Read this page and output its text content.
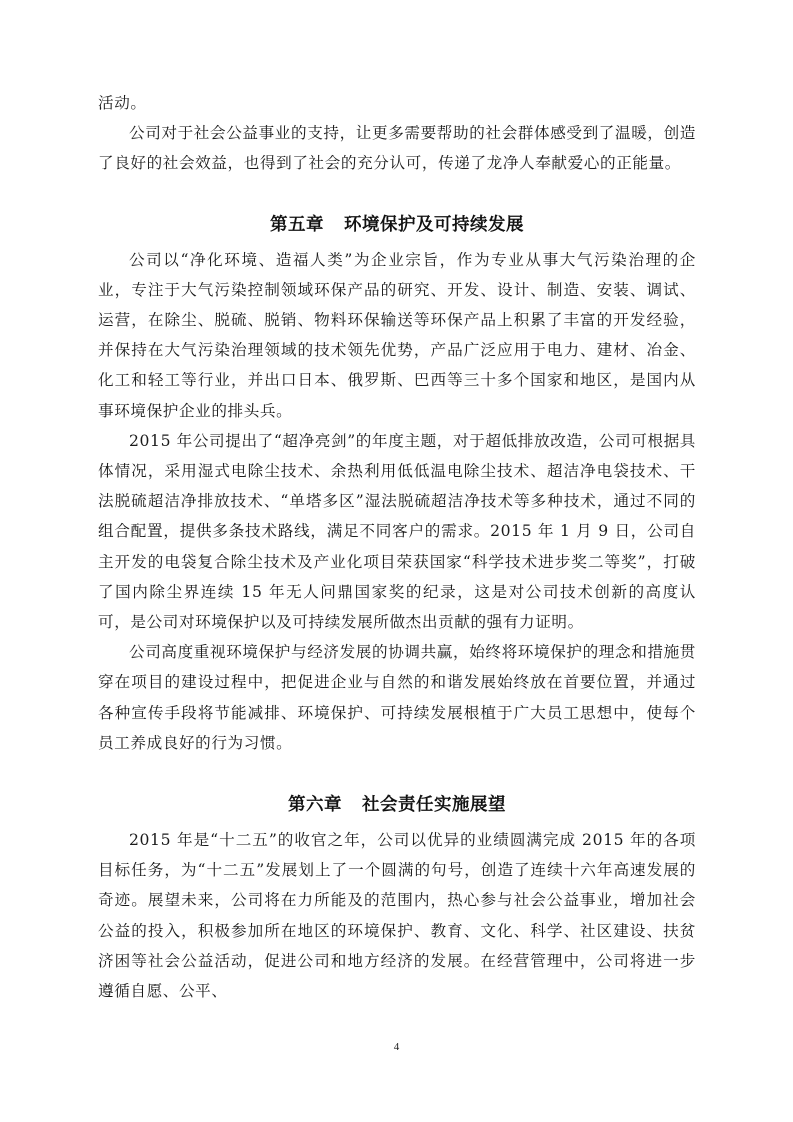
活动。

公司对于社会公益事业的支持，让更多需要帮助的社会群体感受到了温暖，创造了良好的社会效益，也得到了社会的充分认可，传递了龙净人奉献爱心的正能量。

第五章 环境保护及可持续发展

公司以“净化环境、造福人类”为企业宗旨，作为专业从事大气污染治理的企业，专注于大气污染控制领域环保产品的研究、开发、设计、制造、安装、调试、运营，在除尘、脱硫、脱销、物料环保输送等环保产品上积累了丰富的开发经验，并保持在大气污染治理领域的技术领先优势，产品广泛应用于电力、建材、冶金、化工和轻工等行业，并出口日本、俄罗斯、巴西等三十多个国家和地区，是国内从事环境保护企业的排头兵。

2015 年公司提出了“超净亮剑”的年度主题，对于超低排放改造，公司可根据具体情况，采用湿式电除尘技术、余热利用低低温电除尘技术、超洁净电袋技术、干法脱硫超洁净排放技术、“单塔多区”湿法脱硫超洁净技术等多种技术，通过不同的组合配置，提供多条技术路线，满足不同客户的需求。2015 年 1 月 9 日，公司自主开发的电袋复合除尘技术及产业化项目荣获国家“科学技术进步奖二等奖”，打破了国内除尘界连续 15 年无人问鼎国家奖的纪录，这是对公司技术创新的高度认可，是公司对环境保护以及可持续发展所做杰出贡献的强有力证明。

公司高度重视环境保护与经济发展的协调共赢，始终将环境保护的理念和措施贯穿在项目的建设过程中，把促进企业与自然的和谐发展始终放在首要位置，并通过各种宣传手段将节能减排、环境保护、可持续发展根植于广大员工思想中，使每个员工养成良好的行为习惯。

第六章 社会责任实施展望

2015 年是“十二五”的收官之年，公司以优异的业绩圆满完成 2015 年的各项目标任务，为“十二五”发展划上了一个圆满的句号，创造了连续十六年高速发展的奇迹。展望未来，公司将在力所能及的范围内，热心参与社会公益事业，增加社会公益的投入，积极参加所在地区的环境保护、教育、文化、科学、社区建设、扶贫济困等社会公益活动，促进公司和地方经济的发展。在经营管理中，公司将进一步遵循自愿、公平、

4
